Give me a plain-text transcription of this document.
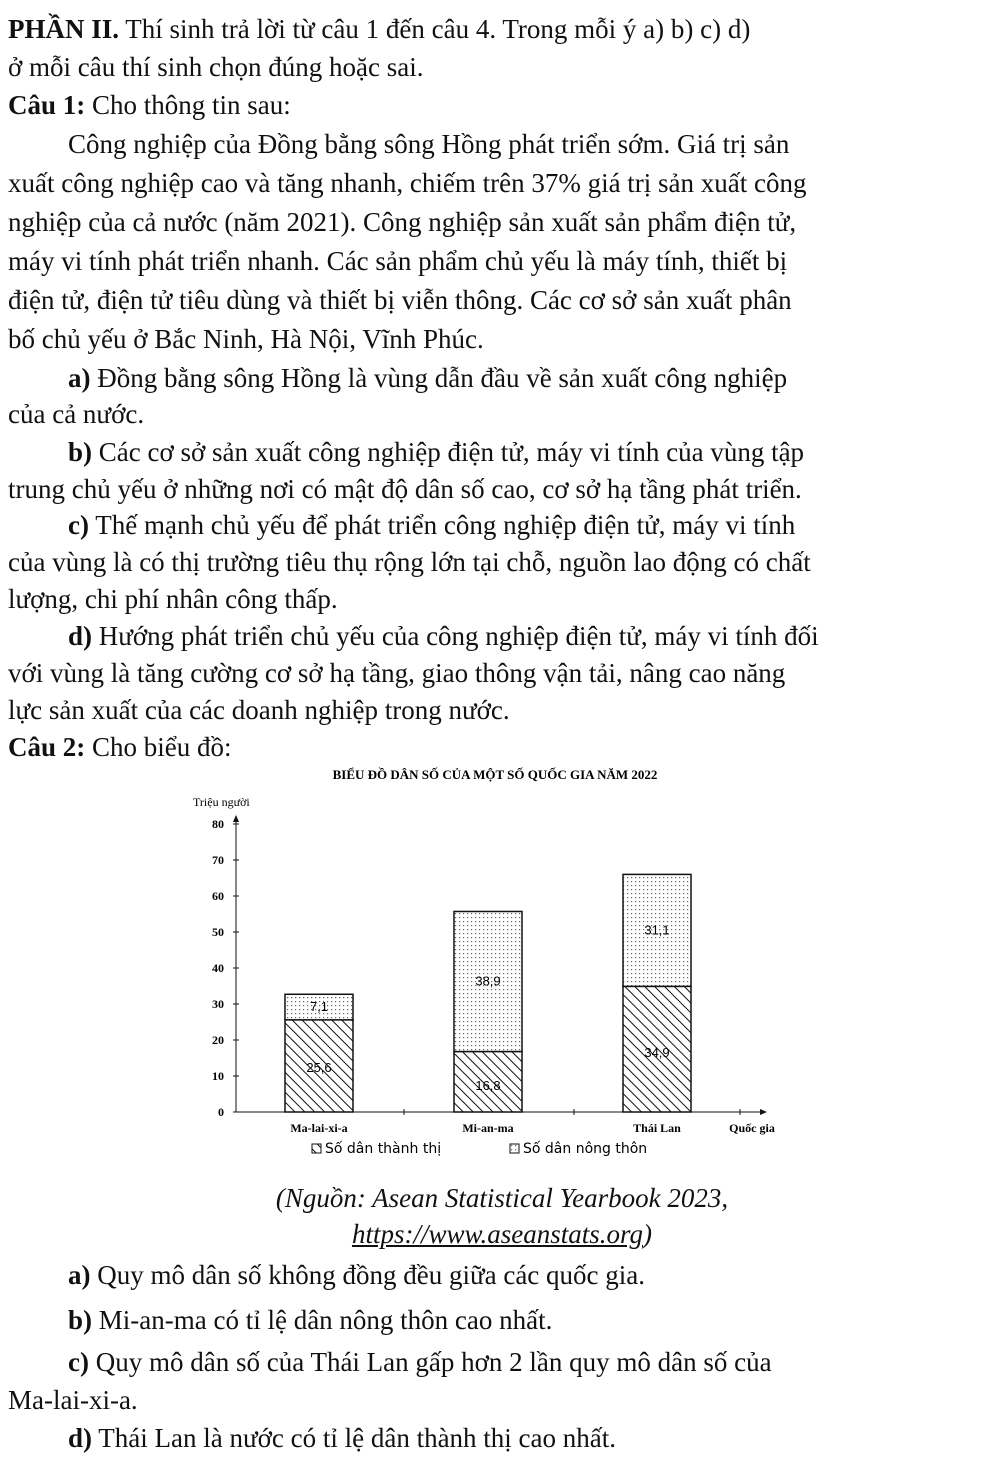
PHẦN II. Thí sinh trả lời từ câu 1 đến câu 4. Trong mỗi ý a) b) c) d)
ở mỗi câu thí sinh chọn đúng hoặc sai.
Câu 1: Cho thông tin sau:
Công nghiệp của Đồng bằng sông Hồng phát triển sớm. Giá trị sản
xuất công nghiệp cao và tăng nhanh, chiếm trên 37% giá trị sản xuất công
nghiệp của cả nước (năm 2021). Công nghiệp sản xuất sản phẩm điện tử,
máy vi tính phát triển nhanh. Các sản phẩm chủ yếu là máy tính, thiết bị
điện tử, điện tử tiêu dùng và thiết bị viễn thông. Các cơ sở sản xuất phân
bố chủ yếu ở Bắc Ninh, Hà Nội, Vĩnh Phúc.
a) Đồng bằng sông Hồng là vùng dẫn đầu về sản xuất công nghiệp
của cả nước.
b) Các cơ sở sản xuất công nghiệp điện tử, máy vi tính của vùng tập
trung chủ yếu ở những nơi có mật độ dân số cao, cơ sở hạ tầng phát triển.
c) Thế mạnh chủ yếu để phát triển công nghiệp điện tử, máy vi tính
của vùng là có thị trường tiêu thụ rộng lớn tại chỗ, nguồn lao động có chất
lượng, chi phí nhân công thấp.
d) Hướng phát triển chủ yếu của công nghiệp điện tử, máy vi tính đối
với vùng là tăng cường cơ sở hạ tầng, giao thông vận tải, nâng cao năng
lực sản xuất của các doanh nghiệp trong nước.
Câu 2: Cho biểu đồ:
BIỂU ĐỒ DÂN SỐ CỦA MỘT SỐ QUỐC GIA NĂM 2022
Triệu người
0
10
20
30
40
50
60
70
80
25,6
7,1
Ma-lai-xi-a
16,8
38,9
Mi-an-ma
34,9
31,1
Thái Lan	Quốc gia
Số dân thành thị	Số dân nông thôn
(Nguồn: Asean Statistical Yearbook 2023,
https://www.aseanstats.org)
a) Quy mô dân số không đồng đều giữa các quốc gia.
b) Mi-an-ma có tỉ lệ dân nông thôn cao nhất.
c) Quy mô dân số của Thái Lan gấp hơn 2 lần quy mô dân số của
Ma-lai-xi-a.
d) Thái Lan là nước có tỉ lệ dân thành thị cao nhất.
